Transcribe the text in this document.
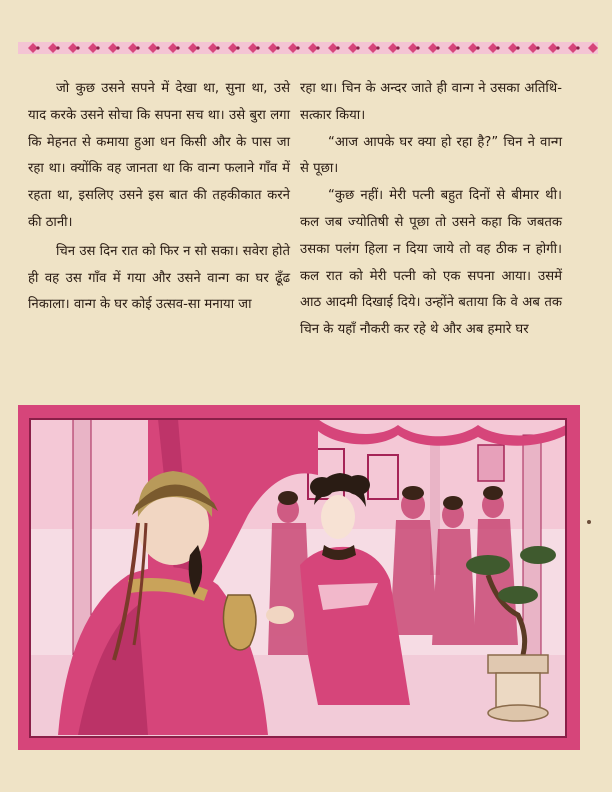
जो कुछ उसने सपने में देखा था, सुना था, उसे याद करके उसने सोचा कि सपना सच था। उसे बुरा लगा कि मेहनत से कमाया हुआ धन किसी और के पास जा रहा था। क्योंकि वह जानता था कि वान्ग फलाने गाँव में रहता था, इसलिए उसने इस बात की तहकीकात करने की ठानी।

चिन उस दिन रात को फिर न सो सका। सवेरा होते ही वह उस गाँव में गया और उसने वान्ग का घर ढूँढ निकाला। वान्ग के घर कोई उत्सव-सा मनाया जा

रहा था। चिन के अन्दर जाते ही वान्ग ने उसका अतिथि-सत्कार किया।

“आज आपके घर क्या हो रहा है?” चिन ने वान्ग से पूछा।

“कुछ नहीं। मेरी पत्नी बहुत दिनों से बीमार थी। कल जब ज्योतिषी से पूछा तो उसने कहा कि जबतक उसका पलंग हिला न दिया जाये तो वह ठीक न होगी। कल रात को मेरी पत्नी को एक सपना आया। उसमें आठ आदमी दिखाई दिये। उन्होंने बताया कि वे अब तक चिन के यहाँ नौकरी कर रहे थे और अब हमारे घर
